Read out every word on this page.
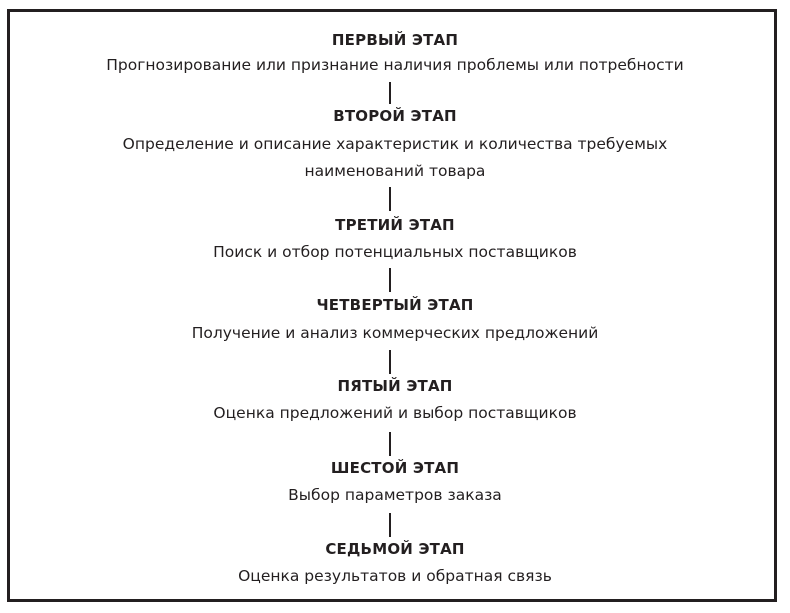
ПЕРВЫЙ ЭТАП
Прогнозирование или признание наличия проблемы или потребности
ВТОРОЙ ЭТАП
Определение и описание характеристик и количества требуемых наименований товара
ТРЕТИЙ ЭТАП
Поиск и отбор потенциальных поставщиков
ЧЕТВЕРТЫЙ ЭТАП
Получение и анализ коммерческих предложений
ПЯТЫЙ ЭТАП
Оценка предложений и выбор поставщиков
ШЕСТОЙ ЭТАП
Выбор параметров заказа
СЕДЬМОЙ ЭТАП
Оценка результатов и обратная связь
